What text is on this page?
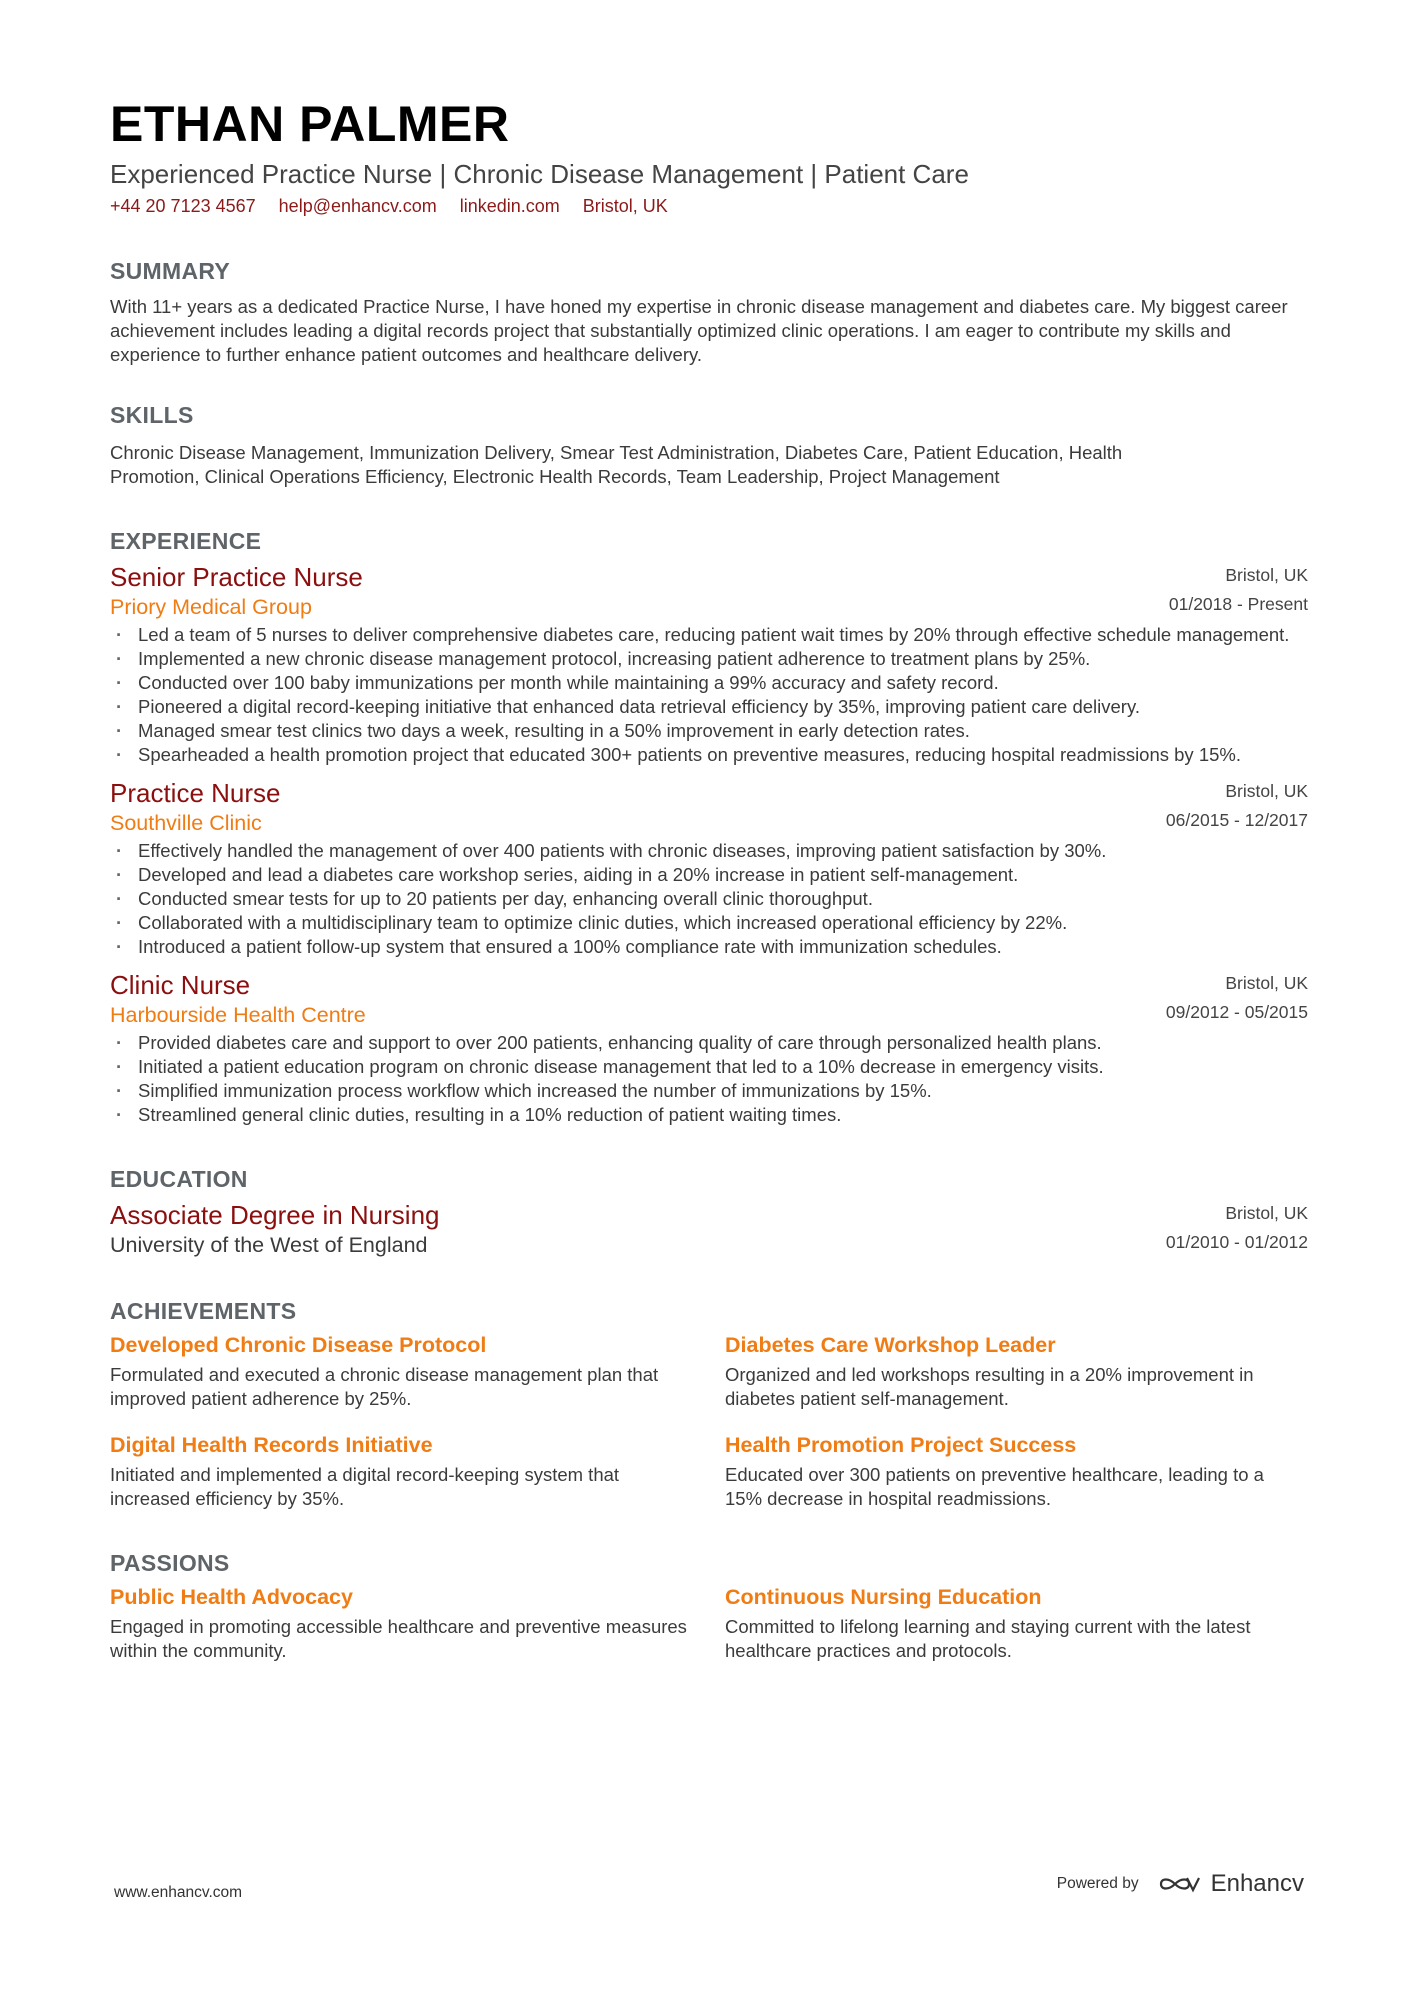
ETHAN PALMER
Experienced Practice Nurse | Chronic Disease Management | Patient Care
+44 20 7123 4567 help@enhancv.com linkedin.com Bristol, UK
SUMMARY
With 11+ years as a dedicated Practice Nurse, I have honed my expertise in chronic disease management and diabetes care. My biggest career achievement includes leading a digital records project that substantially optimized clinic operations. I am eager to contribute my skills and experience to further enhance patient outcomes and healthcare delivery.
SKILLS
Chronic Disease Management , Immunization Delivery , Smear Test Administration , Diabetes Care , Patient Education , Health Promotion , Clinical Operations Efficiency , Electronic Health Records , Team Leadership , Project Management
EXPERIENCE
Senior Practice Nurse
Priory Medical Group
Bristol, UK
01/2018 - Present
· Led a team of 5 nurses to deliver comprehensive diabetes care, reducing patient wait times by 20% through effective schedule management.
· Implemented a new chronic disease management protocol, increasing patient adherence to treatment plans by 25%.
· Conducted over 100 baby immunizations per month while maintaining a 99% accuracy and safety record.
· Pioneered a digital record-keeping initiative that enhanced data retrieval efficiency by 35%, improving patient care delivery.
· Managed smear test clinics two days a week, resulting in a 50% improvement in early detection rates.
· Spearheaded a health promotion project that educated 300+ patients on preventive measures, reducing hospital readmissions by 15%.
Practice Nurse
Southville Clinic
Bristol, UK
06/2015 - 12/2017
· Effectively handled the management of over 400 patients with chronic diseases, improving patient satisfaction by 30%.
· Developed and lead a diabetes care workshop series, aiding in a 20% increase in patient self-management.
· Conducted smear tests for up to 20 patients per day, enhancing overall clinic thoroughput.
· Collaborated with a multidisciplinary team to optimize clinic duties, which increased operational efficiency by 22%.
· Introduced a patient follow-up system that ensured a 100% compliance rate with immunization schedules.
Clinic Nurse
Harbourside Health Centre
Bristol, UK
09/2012 - 05/2015
· Provided diabetes care and support to over 200 patients, enhancing quality of care through personalized health plans.
· Initiated a patient education program on chronic disease management that led to a 10% decrease in emergency visits.
· Simplified immunization process workflow which increased the number of immunizations by 15%.
· Streamlined general clinic duties, resulting in a 10% reduction of patient waiting times.
EDUCATION
Associate Degree in Nursing
University of the West of England
Bristol, UK
01/2010 - 01/2012
ACHIEVEMENTS
Developed Chronic Disease Protocol
Formulated and executed a chronic disease management plan that improved patient adherence by 25%.
Diabetes Care Workshop Leader
Organized and led workshops resulting in a 20% improvement in diabetes patient self-management.
Digital Health Records Initiative
Initiated and implemented a digital record-keeping system that increased efficiency by 35%.
Health Promotion Project Success
Educated over 300 patients on preventive healthcare, leading to a 15% decrease in hospital readmissions.
PASSIONS
Public Health Advocacy
Engaged in promoting accessible healthcare and preventive measures within the community.
Continuous Nursing Education
Committed to lifelong learning and staying current with the latest healthcare practices and protocols.
www.enhancv.com
Powered by	Enhancv
